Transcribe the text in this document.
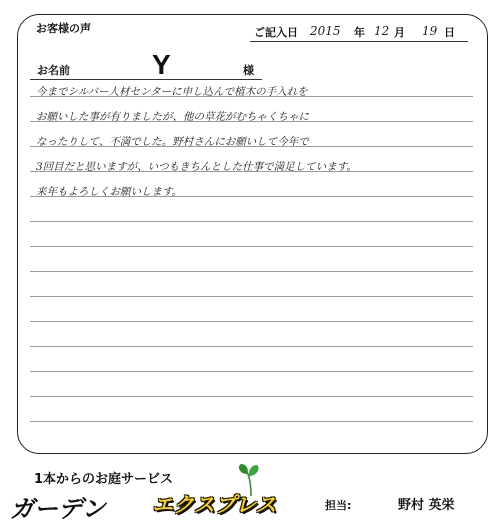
お客様の声	ご記入日 2015 年 12 月 19 日
お名前	Y	様
今までシルバー人材センターに申し込んで植木の手入れを
お願いした事が有りましたが、他の草花がむちゃくちゃに
なったりして、不満でした。野村さんにお願いして今年で
3回目だと思いますが、いつもきちんとした仕事で満足しています。
来年もよろしくお願いします。
1本からのお庭サービス
ガーデン エクスプレス	担当:	野村 英栄
